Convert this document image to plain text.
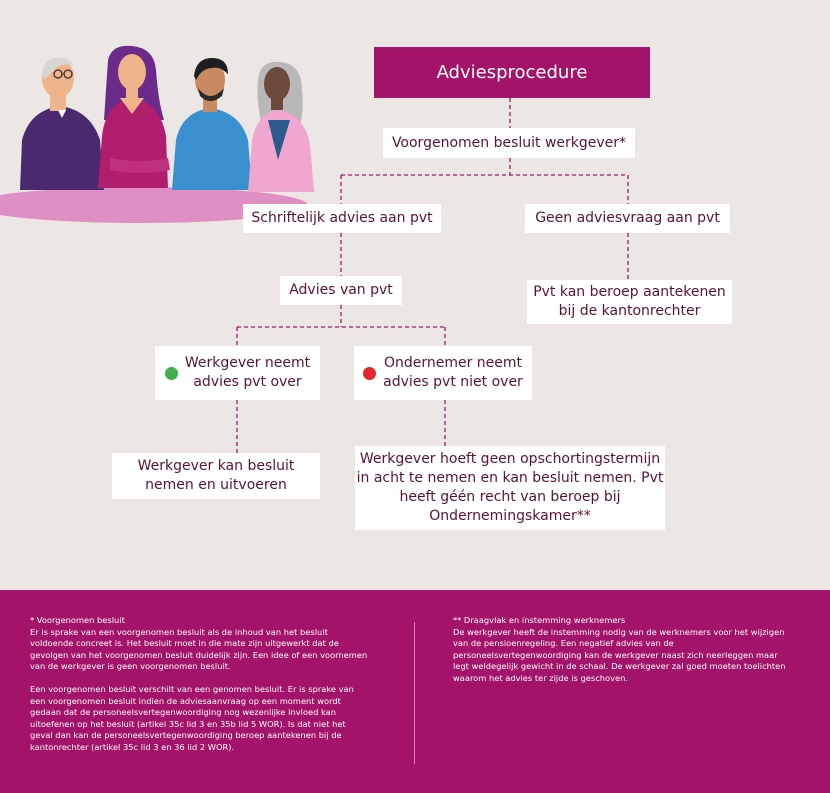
Adviesprocedure
Voorgenomen besluit werkgever*
Schriftelijk advies aan pvt	Geen adviesvraag aan pvt
Advies van pvt	Pvt kan beroep aantekenen
bij de kantonrechter
Werkgever neemt
advies pvt over
Ondernemer neemt
advies pvt niet over
Werkgever kan besluit
nemen en uitvoeren
Werkgever hoeft geen opschortingstermijn
in acht te nemen en kan besluit nemen. Pvt
heeft géén recht van beroep bij
Ondernemingskamer**
* Voorgenomen besluit

Er is sprake van een voorgenomen besluit als de inhoud van het besluit
voldoende concreet is. Het besluit moet in die mate zijn uitgewerkt dat de
gevolgen van het voorgenomen besluit duidelijk zijn. Een idee of een voornemen
van de werkgever is geen voorgenomen besluit.

Een voorgenomen besluit verschilt van een genomen besluit. Er is sprake van
een voorgenomen besluit indien de adviesaanvraag op een moment wordt
gedaan dat de personeelsvertegenwoordiging nog wezenlijke invloed kan
uitoefenen op het besluit (artikel 35c lid 3 en 35b lid 5 WOR). Is dat niet het
geval dan kan de personeelsvertegenwoordiging beroep aantekenen bij de
kantonrechter (artikel 35c lid 3 en 36 lid 2 WOR).

** Draagvlak en instemming werknemers

De werkgever heeft de instemming nodig van de werknemers voor het wijzigen
van de pensioenregeling. Een negatief advies van de
personeelsvertegenwoordiging kan de werkgever naast zich neerleggen maar
legt weldegelijk gewicht in de schaal. De werkgever zal goed moeten toelichten
waarom het advies ter zijde is geschoven.
